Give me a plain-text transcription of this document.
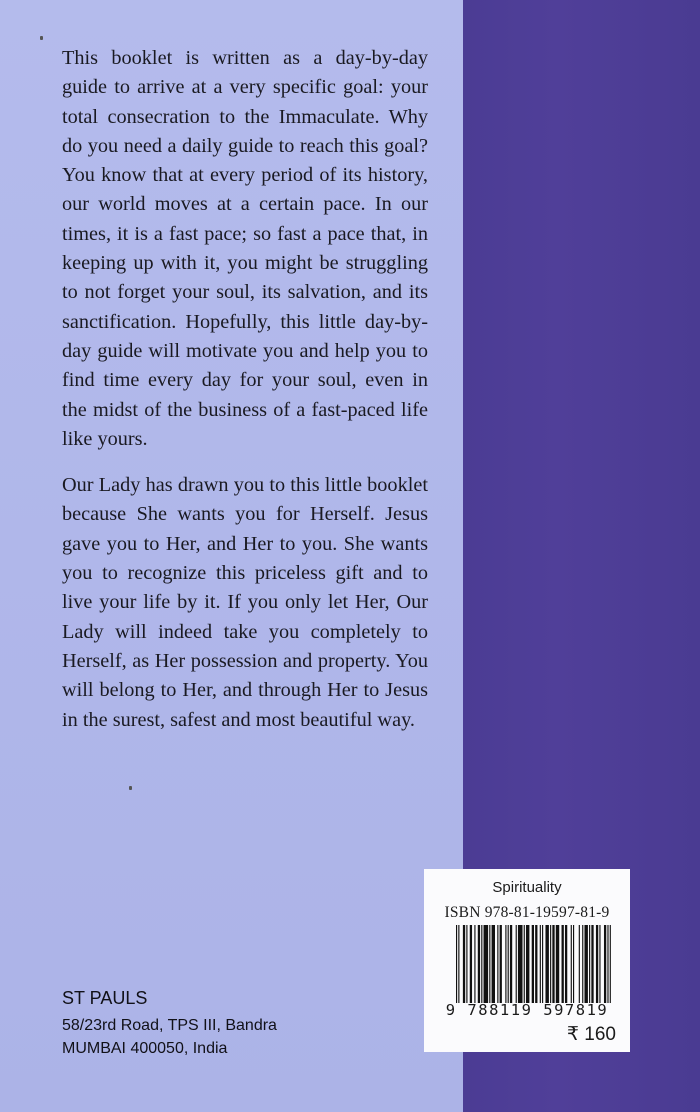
This booklet is written as a day-by-day guide to arrive at a very specific goal: your total consecration to the Immaculate. Why do you need a daily guide to reach this goal? You know that at every period of its history, our world moves at a certain pace. In our times, it is a fast pace; so fast a pace that, in keeping up with it, you might be struggling to not forget your soul, its salvation, and its sanctification. Hopefully, this little day-by-day guide will motivate you and help you to find time every day for your soul, even in the midst of the business of a fast-paced life like yours.

Our Lady has drawn you to this little booklet because She wants you for Herself. Jesus gave you to Her, and Her to you. She wants you to recognize this priceless gift and to live your life by it. If you only let Her, Our Lady will indeed take you completely to Herself, as Her possession and property. You will belong to Her, and through Her to Jesus in the surest, safest and most beautiful way.

ST PAULS
58/23rd Road, TPS III, Bandra
MUMBAI 400050, India
Spirituality
ISBN 978-81-19597-81-9
9 788119 597819
₹ 160
